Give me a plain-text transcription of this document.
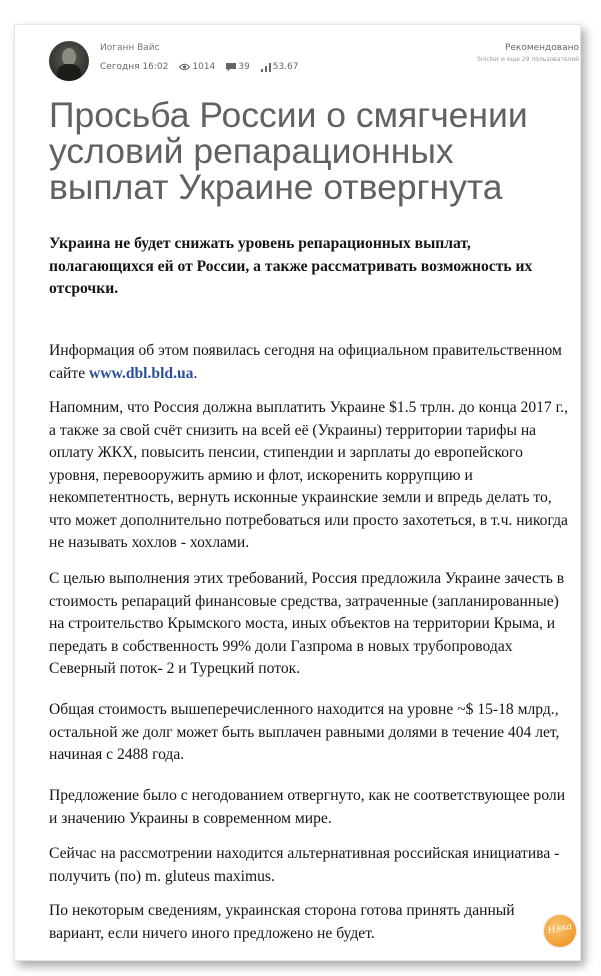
Иоганн Вайс
Сегодня 16:02	1014	39	53.67
Рекомендовано
Snicker и еще 29 пользователей
Просьба России о смягчении условий репарационных выплат Украине отвергнута

Украина не будет снижать уровень репарационных выплат, полагающихся ей от России, а также рассматривать возможность их отсрочки.

Информация об этом появилась сегодня на официальном правительственном сайте www.dbl.bld.ua.

Напомним, что Россия должна выплатить Украине $1.5 трлн. до конца 2017 г., а также за свой счёт снизить на всей её (Украины) территории тарифы на оплату ЖКХ, повысить пенсии, стипендии и зарплаты до европейского уровня, перевооружить армию и флот, искоренить коррупцию и некомпетентность, вернуть исконные украинские земли и впредь делать то, что может дополнительно потребоваться или просто захотеться, в т.ч. никогда не называть хохлов - хохлами.

С целью выполнения этих требований, Россия предложила Украине зачесть в стоимость репараций финансовые средства, затраченные (запланированные) на строительство Крымского моста, иных объектов на территории Крыма, и передать в собственность 99% доли Газпрома в новых трубопроводах Северный поток- 2 и Турецкий поток.

Общая стоимость вышеперечисленного находится на уровне ~$ 15-18 млрд., остальной же долг может быть выплачен равными долями в течение 404 лет, начиная с 2488 года.

Предложение было с негодованием отвергнуто, как не соответствующее роли и значению Украины в современном мире.

Сейчас на рассмотрении находится альтернативная российская инициатива - получить (по) m. gluteus maximus.

По некоторым сведениям, украинская сторона готова принять данный вариант, если ничего иного предложено не будет.	Няка
